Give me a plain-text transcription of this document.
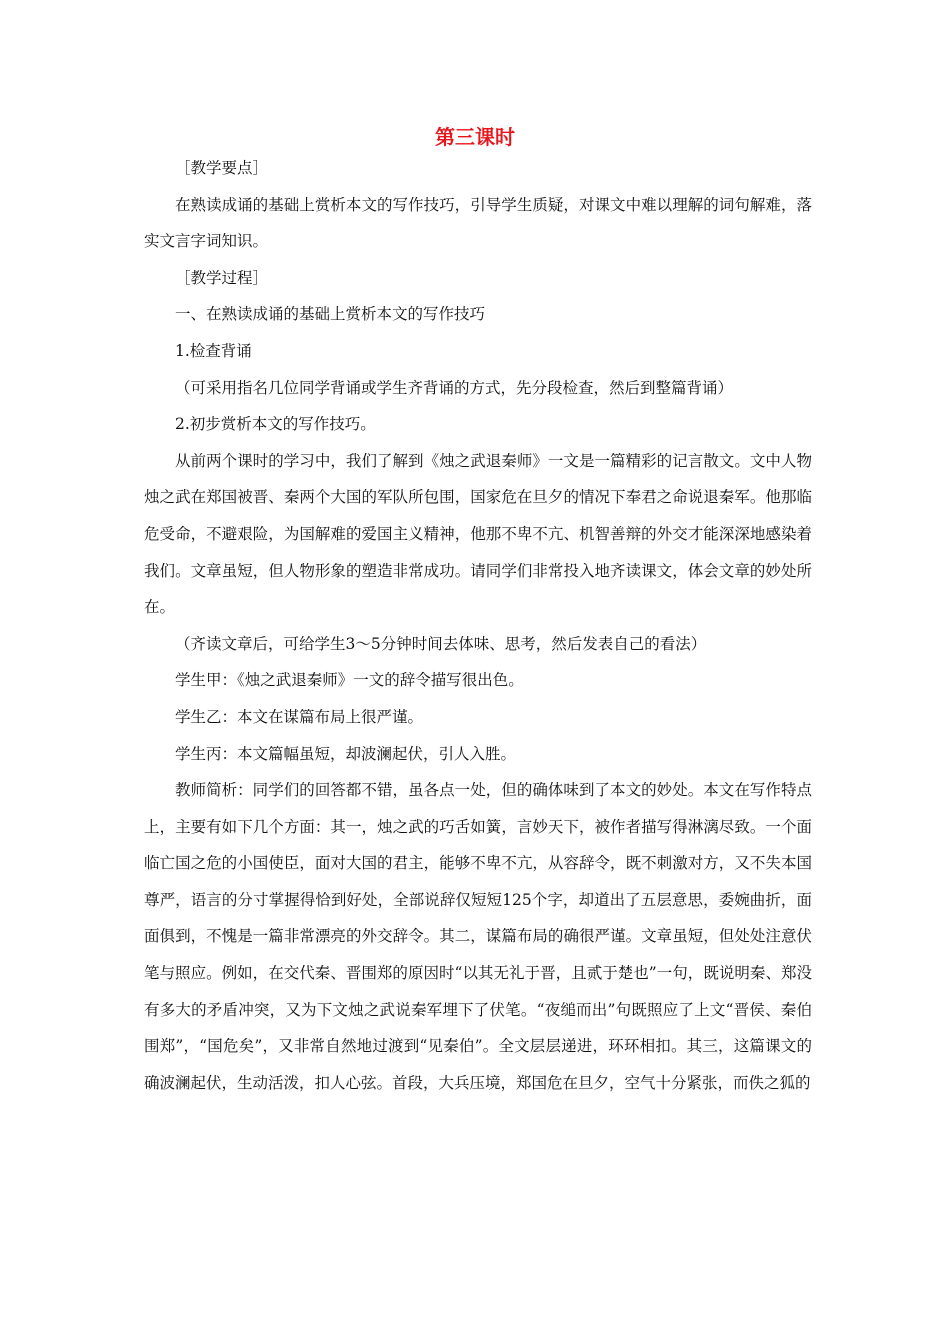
第三课时

［教学要点］

在熟读成诵的基础上赏析本文的写作技巧，引导学生质疑，对课文中难以理解的词句解难，落实文言字词知识。

［教学过程］

一、在熟读成诵的基础上赏析本文的写作技巧

1.检查背诵

（可采用指名几位同学背诵或学生齐背诵的方式，先分段检查，然后到整篇背诵）

2.初步赏析本文的写作技巧。

从前两个课时的学习中，我们了解到《烛之武退秦师》一文是一篇精彩的记言散文。文中人物烛之武在郑国被晋、秦两个大国的军队所包围，国家危在旦夕的情况下奉君之命说退秦军。他那临危受命，不避艰险，为国解难的爱国主义精神，他那不卑不亢、机智善辩的外交才能深深地感染着我们。文章虽短，但人物形象的塑造非常成功。请同学们非常投入地齐读课文，体会文章的妙处所在。

（齐读文章后，可给学生3～5分钟时间去体味、思考，然后发表自己的看法）

学生甲：《烛之武退秦师》一文的辞令描写很出色。

学生乙：本文在谋篇布局上很严谨。

学生丙：本文篇幅虽短，却波澜起伏，引人入胜。

教师简析：同学们的回答都不错，虽各点一处，但的确体味到了本文的妙处。本文在写作特点上，主要有如下几个方面：其一，烛之武的巧舌如簧，言妙天下，被作者描写得淋漓尽致。一个面临亡国之危的小国使臣，面对大国的君主，能够不卑不亢，从容辞令，既不刺激对方，又不失本国尊严，语言的分寸掌握得恰到好处，全部说辞仅短短125个字，却道出了五层意思，委婉曲折，面面俱到，不愧是一篇非常漂亮的外交辞令。其二，谋篇布局的确很严谨。文章虽短，但处处注意伏笔与照应。例如，在交代秦、晋围郑的原因时“以其无礼于晋，且贰于楚也”一句，既说明秦、郑没有多大的矛盾冲突，又为下文烛之武说秦军埋下了伏笔。“夜缒而出”句既照应了上文“晋侯、秦伯围郑”，“国危矣”，又非常自然地过渡到“见秦伯”。全文层层递进，环环相扣。其三，这篇课文的确波澜起伏，生动活泼，扣人心弦。首段，大兵压境，郑国危在旦夕，空气十分紧张，而佚之狐的
